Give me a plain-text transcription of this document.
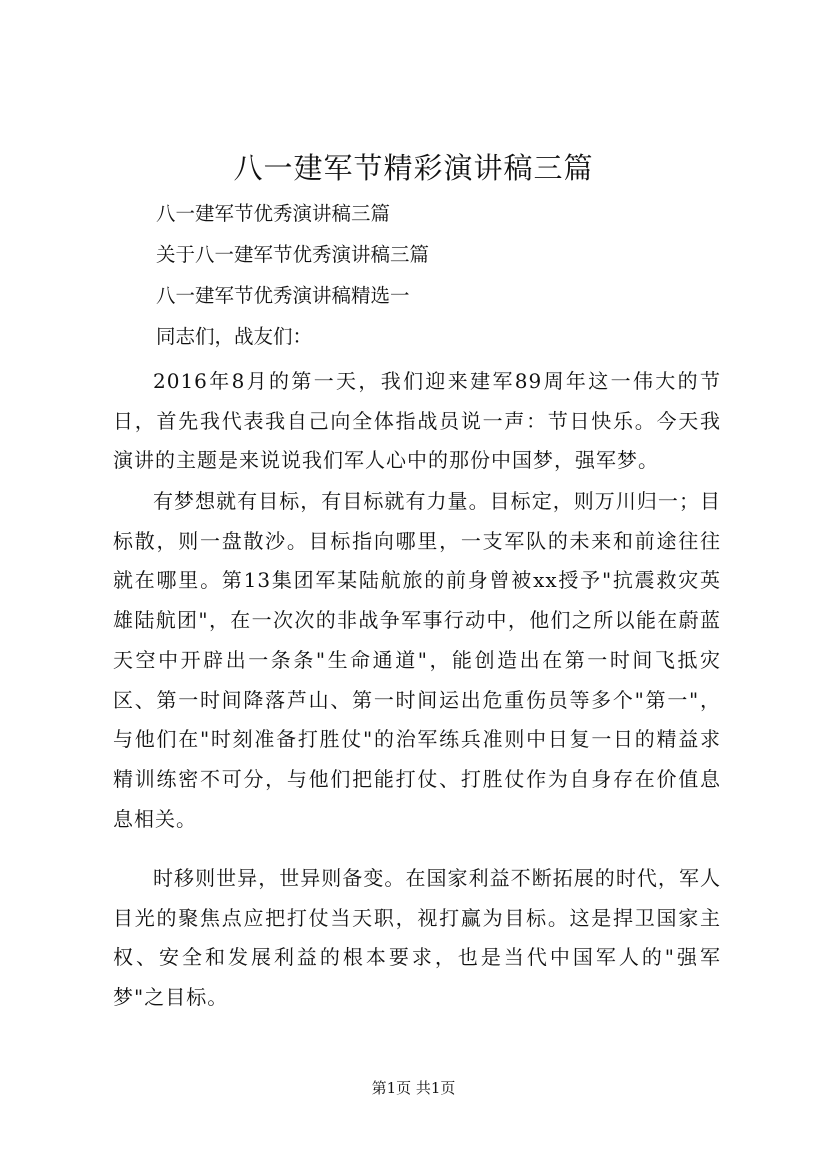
八一建军节精彩演讲稿三篇
八一建军节优秀演讲稿三篇
关于八一建军节优秀演讲稿三篇
八一建军节优秀演讲稿精选一
同志们，战友们：

2016年8月的第一天，我们迎来建军89周年这一伟大的节日，首先我代表我自己向全体指战员说一声：节日快乐。今天我演讲的主题是来说说我们军人心中的那份中国梦，强军梦。

有梦想就有目标，有目标就有力量。目标定，则万川归一；目标散，则一盘散沙。目标指向哪里，一支军队的未来和前途往往就在哪里。第13集团军某陆航旅的前身曾被xx授予"抗震救灾英雄陆航团"，在一次次的非战争军事行动中，他们之所以能在蔚蓝天空中开辟出一条条"生命通道"，能创造出在第一时间飞抵灾区、第一时间降落芦山、第一时间运出危重伤员等多个"第一"，与他们在"时刻准备打胜仗"的治军练兵准则中日复一日的精益求精训练密不可分，与他们把能打仗、打胜仗作为自身存在价值息息相关。

时移则世异，世异则备变。在国家利益不断拓展的时代，军人目光的聚焦点应把打仗当天职，视打赢为目标。这是捍卫国家主权、安全和发展利益的根本要求，也是当代中国军人的"强军梦"之目标。

第1页 共1页
